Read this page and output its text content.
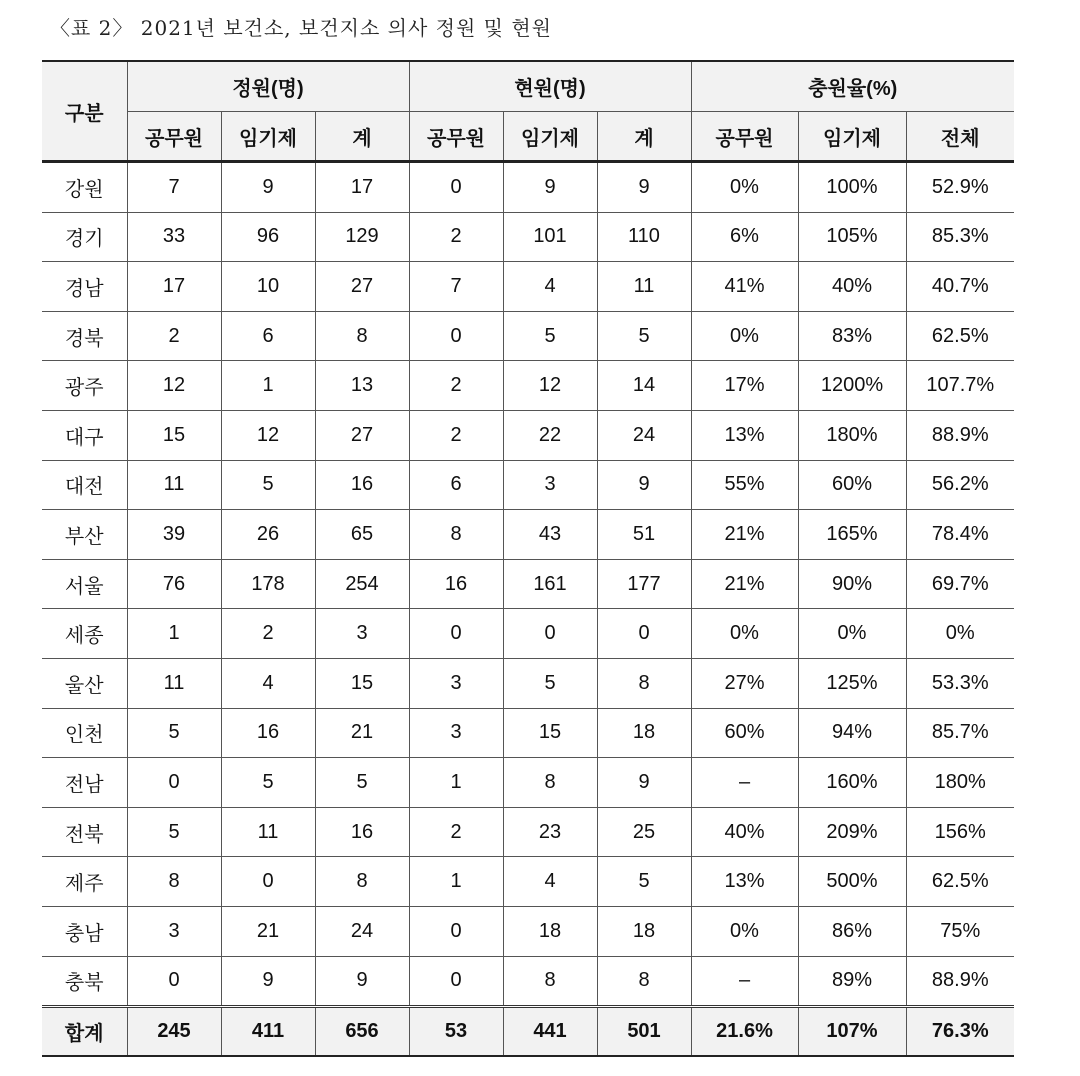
〈표 2〉 2021년 보건소, 보건지소 의사 정원 및 현원
구분	정원(명)			현원(명)			충원율(%)		
	공무원	임기제	계	공무원	임기제	계	공무원	임기제	전체
강원	7	9	17	0	9	9	0%	100%	52.9%
경기	33	96	129	2	101	110	6%	105%	85.3%
경남	17	10	27	7	4	11	41%	40%	40.7%
경북	2	6	8	0	5	5	0%	83%	62.5%
광주	12	1	13	2	12	14	17%	1200%	107.7%
대구	15	12	27	2	22	24	13%	180%	88.9%
대전	11	5	16	6	3	9	55%	60%	56.2%
부산	39	26	65	8	43	51	21%	165%	78.4%
서울	76	178	254	16	161	177	21%	90%	69.7%
세종	1	2	3	0	0	0	0%	0%	0%
울산	11	4	15	3	5	8	27%	125%	53.3%
인천	5	16	21	3	15	18	60%	94%	85.7%
전남	0	5	5	1	8	9	–	160%	180%
전북	5	11	16	2	23	25	40%	209%	156%
제주	8	0	8	1	4	5	13%	500%	62.5%
충남	3	21	24	0	18	18	0%	86%	75%
충북	0	9	9	0	8	8	–	89%	88.9%
합계	245	411	656	53	441	501	21.6%	107%	76.3%
